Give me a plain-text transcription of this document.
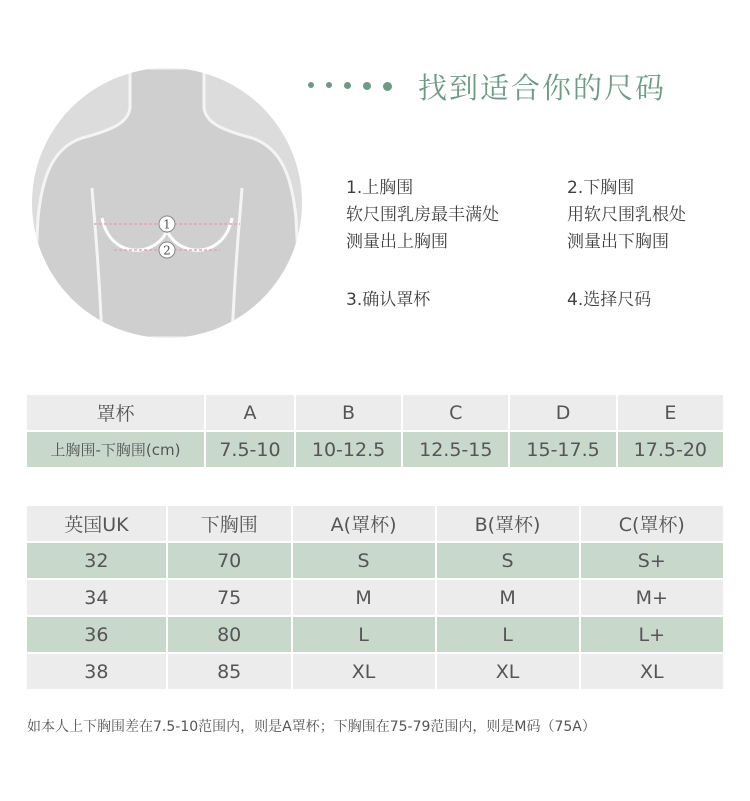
1
2
找到适合你的尺码
1.上胸围
软尺围乳房最丰满处
测量出上胸围
2.下胸围
用软尺围乳根处
测量出下胸围
3.确认罩杯	4.选择尺码
罩杯	A	B	C	D	E
上胸围-下胸围(cm)	7.5-10	10-12.5	12.5-15	15-17.5	17.5-20
英国UK	下胸围	A(罩杯)	B(罩杯)	C(罩杯)
32	70	S	S	S+
34	75	M	M	M+
36	80	L	L	L+
38	85	XL	XL	XL
如本人上下胸围差在7.5-10范围内，则是A罩杯；下胸围在75-79范围内，则是M码（75A）
